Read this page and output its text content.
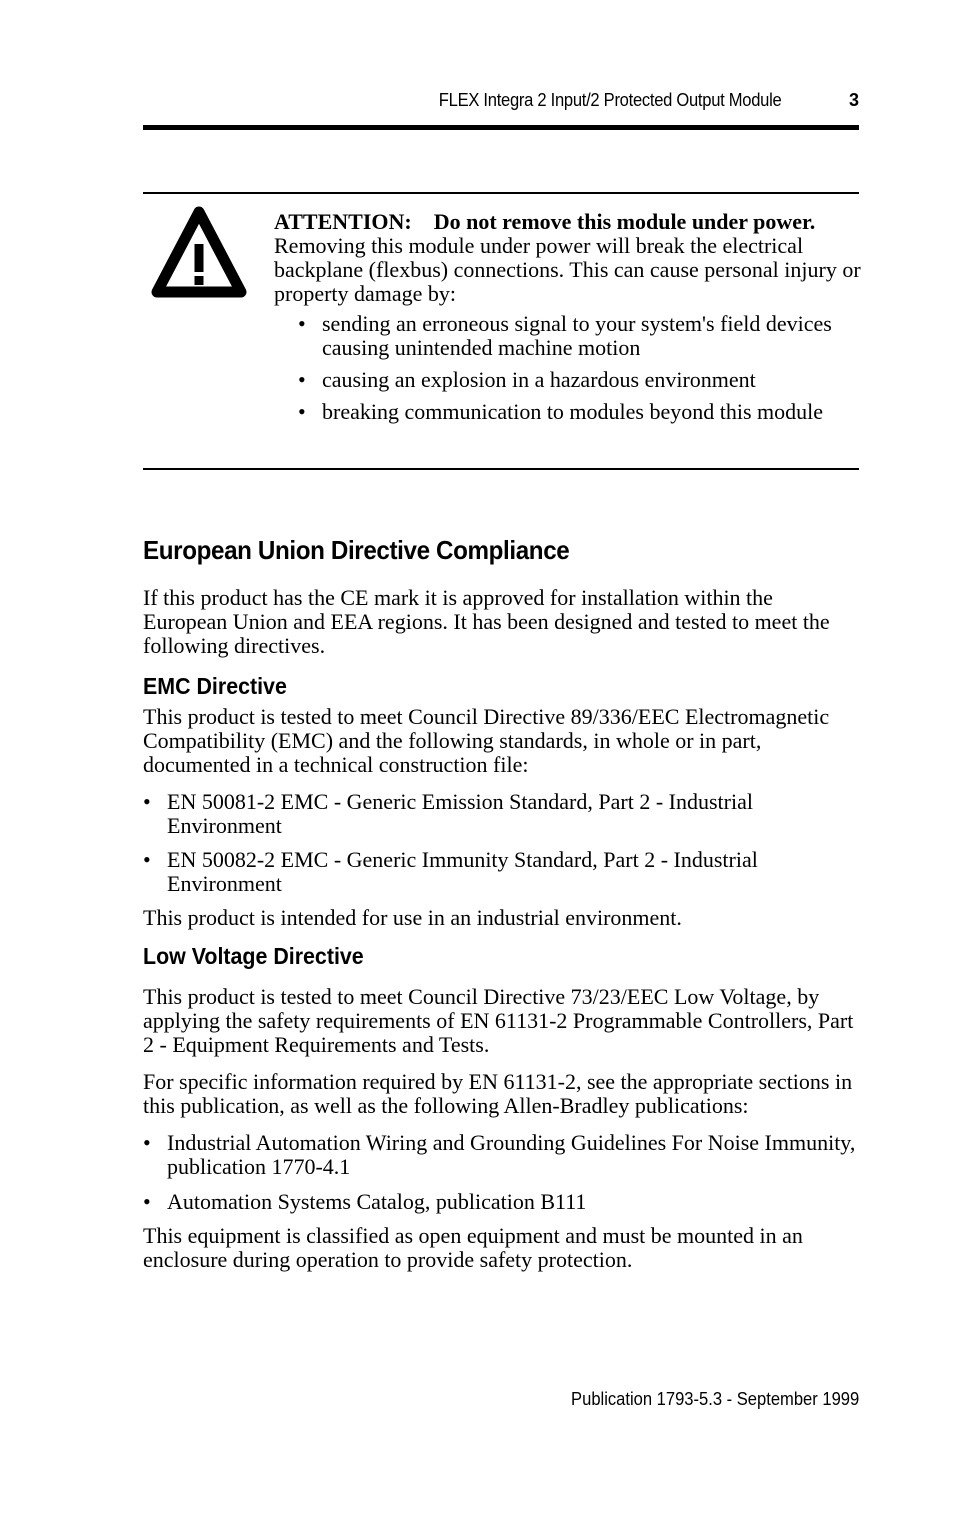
FLEX Integra 2 Input/2 Protected Output Module	3
ATTENTION: Do not remove this module under power. Removing this module under power will break the electrical backplane (flexbus) connections. This can cause personal injury or property damage by:
• sending an erroneous signal to your system's field devices causing unintended machine motion
• causing an explosion in a hazardous environment
• breaking communication to modules beyond this module
European Union Directive Compliance

If this product has the CE mark it is approved for installation within the European Union and EEA regions. It has been designed and tested to meet the following directives.

EMC Directive

This product is tested to meet Council Directive 89/336/EEC Electromagnetic Compatibility (EMC) and the following standards, in whole or in part, documented in a technical construction file:

• EN 50081-2 EMC - Generic Emission Standard, Part 2 - Industrial Environment
• EN 50082-2 EMC - Generic Immunity Standard, Part 2 - Industrial Environment

This product is intended for use in an industrial environment.

Low Voltage Directive

This product is tested to meet Council Directive 73/23/EEC Low Voltage, by applying the safety requirements of EN 61131-2 Programmable Controllers, Part 2 - Equipment Requirements and Tests.

For specific information required by EN 61131-2, see the appropriate sections in this publication, as well as the following Allen-Bradley publications:

• Industrial Automation Wiring and Grounding Guidelines For Noise Immunity, publication 1770-4.1
• Automation Systems Catalog, publication B111

This equipment is classified as open equipment and must be mounted in an enclosure during operation to provide safety protection.

Publication 1793-5.3 - September 1999
